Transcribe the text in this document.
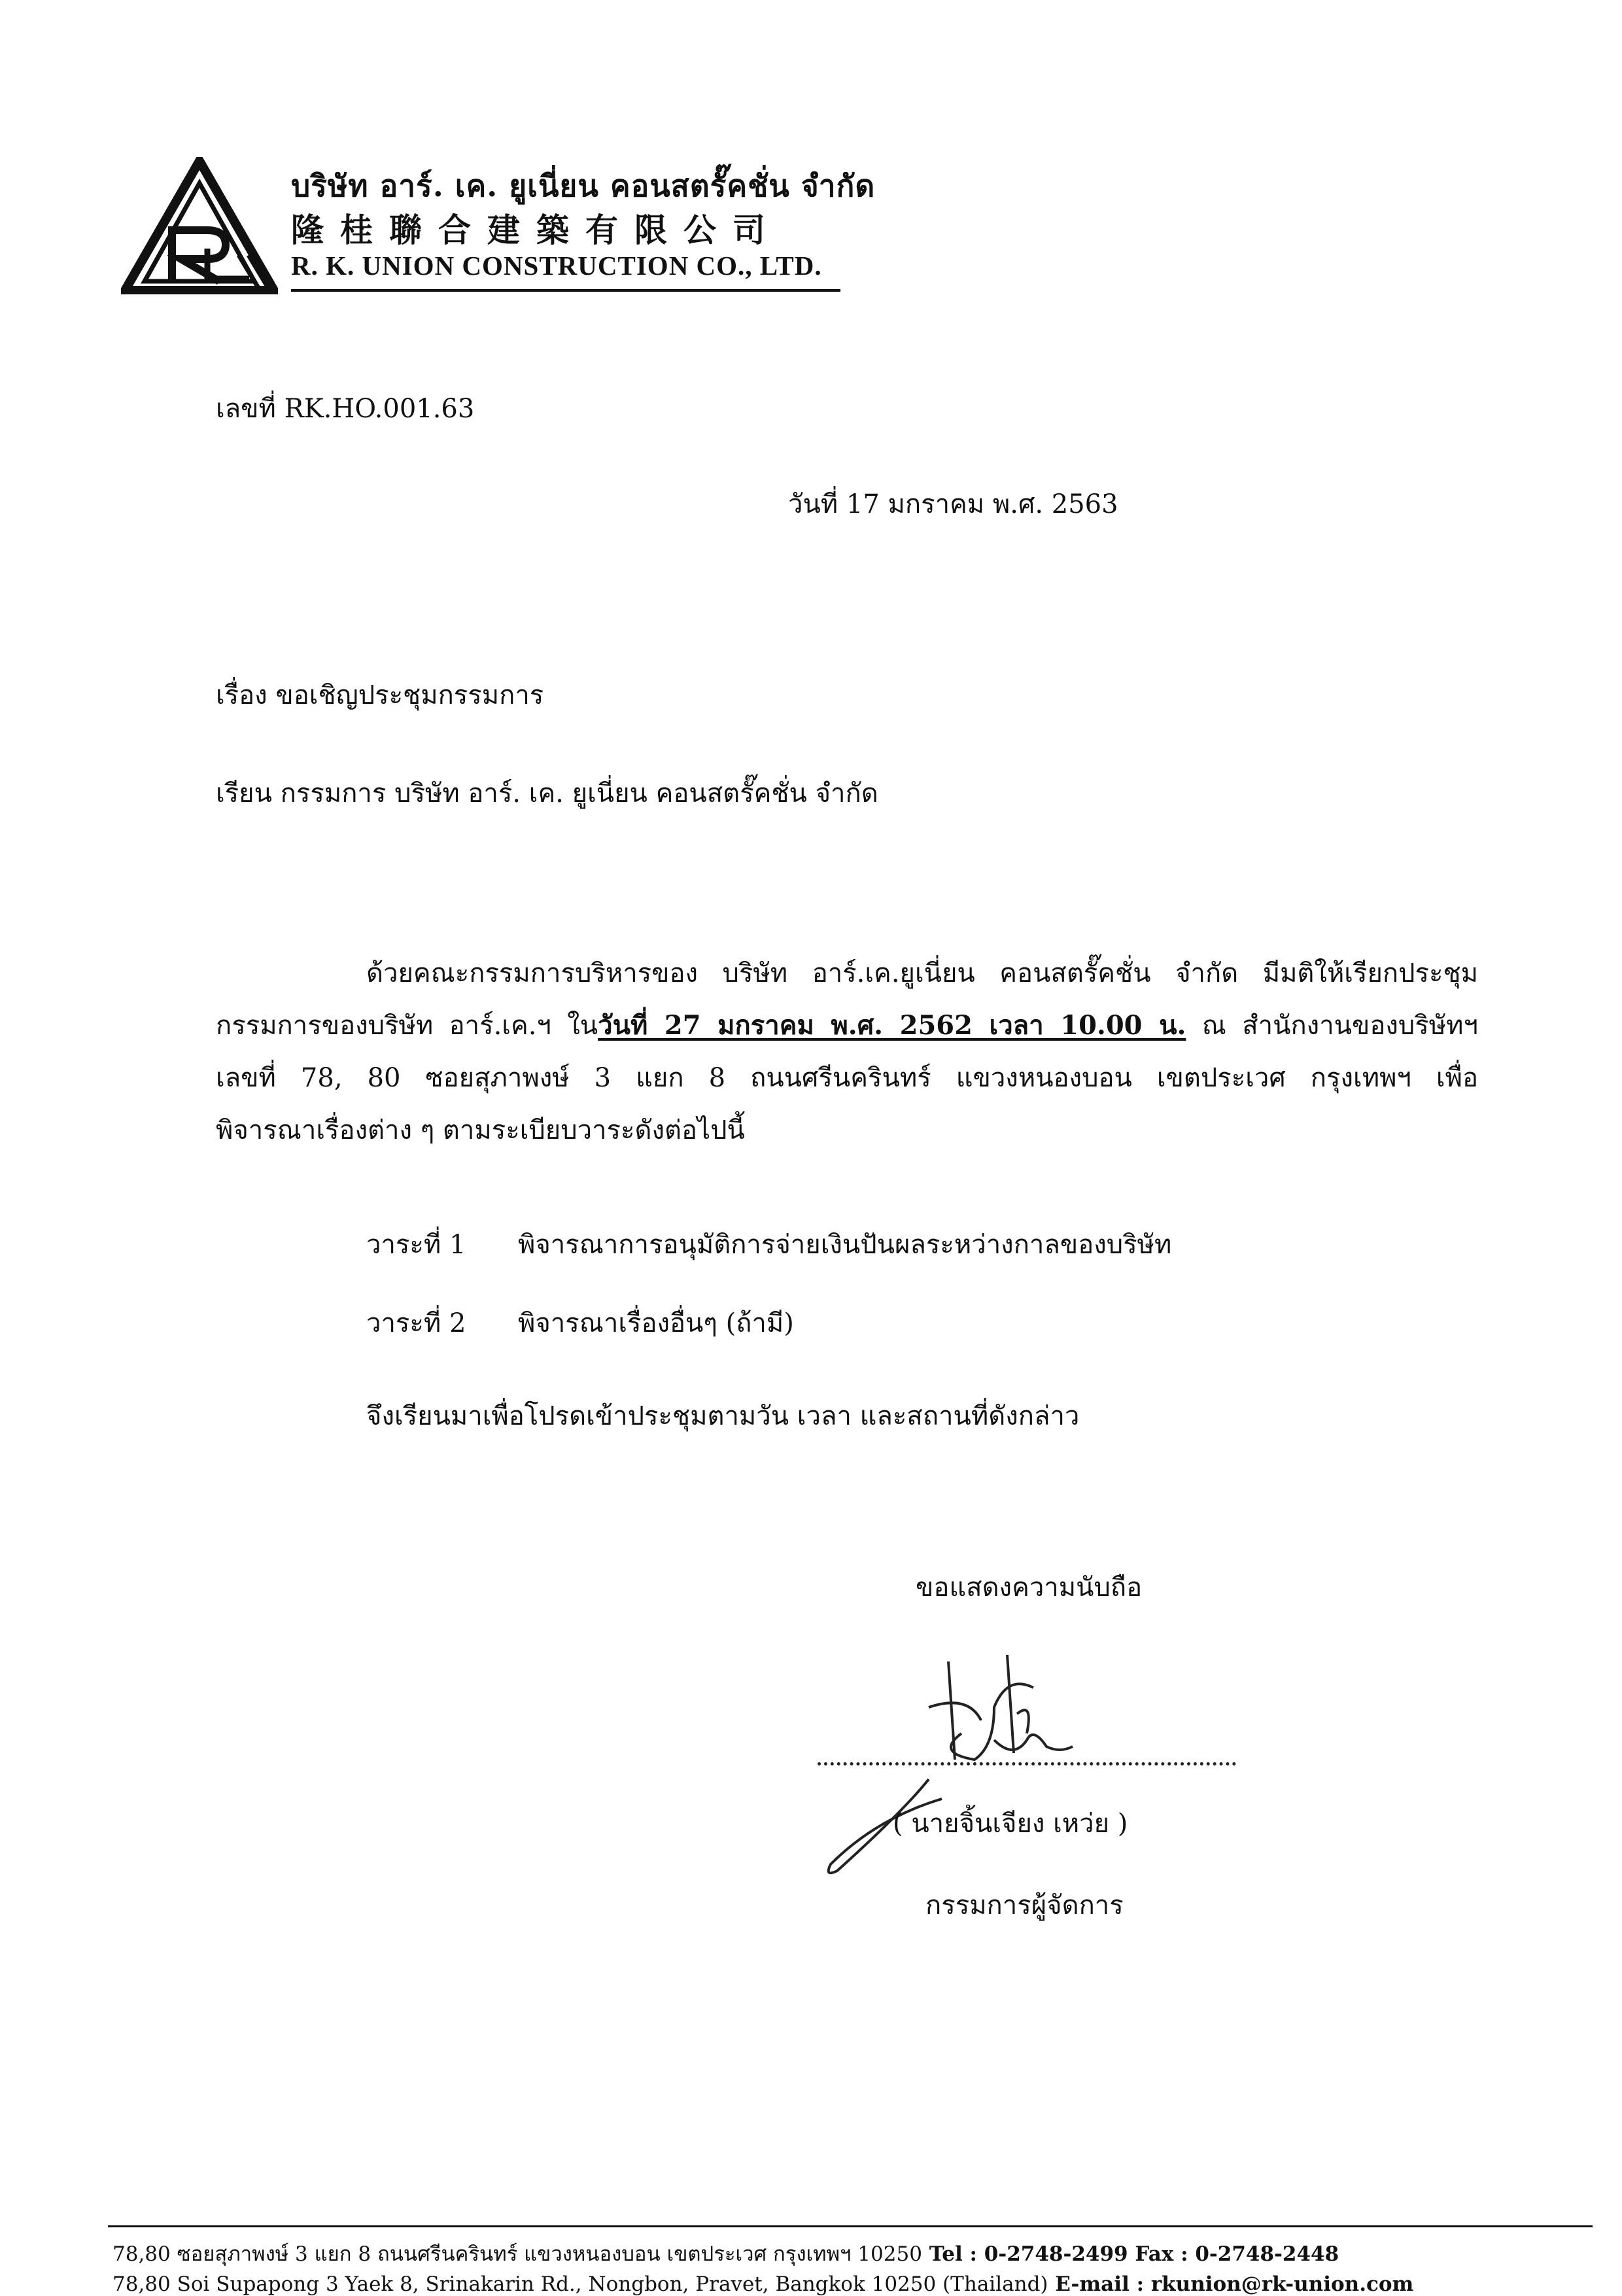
บริษัท อาร์. เค. ยูเนี่ยน คอนสตรั๊คชั่น จำกัด
隆桂聯合建築有限公司
R. K. UNION CONSTRUCTION CO., LTD.
เลขที่ RK.HO.001.63
วันที่ 17 มกราคม พ.ศ. 2563
เรื่อง ขอเชิญประชุมกรรมการ
เรียน กรรมการ บริษัท อาร์. เค. ยูเนี่ยน คอนสตรั๊คชั่น จำกัด
ด้วยคณะกรรมการบริหารของ บริษัท อาร์.เค.ยูเนี่ยน คอนสตรั๊คชั่น จำกัด มีมติให้เรียกประชุม
กรรมการของบริษัท อาร์.เค.ฯ ในวันที่ 27 มกราคม พ.ศ. 2562 เวลา 10.00 น. ณ สำนักงานของบริษัทฯ
เลขที่ 78, 80 ซอยสุภาพงษ์ 3 แยก 8 ถนนศรีนครินทร์ แขวงหนองบอน เขตประเวศ กรุงเทพฯ เพื่อ
พิจารณาเรื่องต่าง ๆ ตามระเบียบวาระดังต่อไปนี้
วาระที่ 1 พิจารณาการอนุมัติการจ่ายเงินปันผลระหว่างกาลของบริษัท
วาระที่ 2 พิจารณาเรื่องอื่นๆ (ถ้ามี)
จึงเรียนมาเพื่อโปรดเข้าประชุมตามวัน เวลา และสถานที่ดังกล่าว
ขอแสดงความนับถือ
( นายจิ้นเจียง เหว่ย )
กรรมการผู้จัดการ
78,80 ซอยสุภาพงษ์ 3 แยก 8 ถนนศรีนครินทร์ แขวงหนองบอน เขตประเวศ กรุงเทพฯ 10250 Tel : 0-2748-2499 Fax : 0-2748-2448
78,80 Soi Supapong 3 Yaek 8, Srinakarin Rd., Nongbon, Pravet, Bangkok 10250 (Thailand) E-mail : rkunion@rk-union.com
